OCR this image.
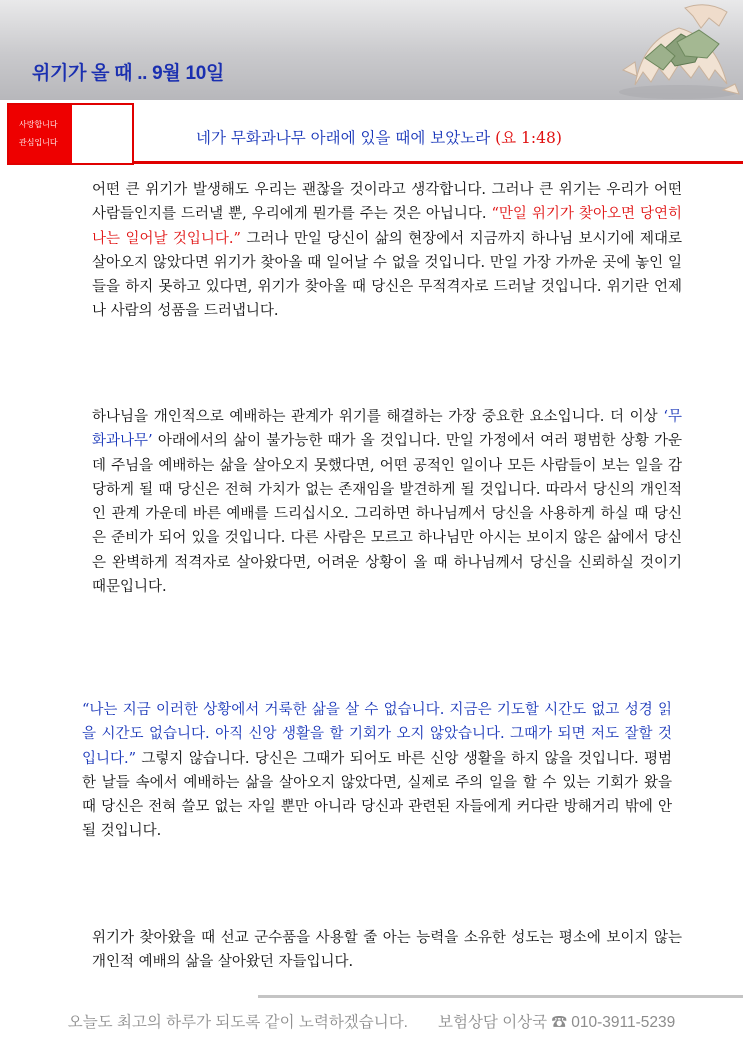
위기가 올 때 .. 9월 10일
사랑합니다
관심입니다	네가 무화과나무 아래에 있을 때에 보았노라 (요 1:48)

어떤 큰 위기가 발생해도 우리는 괜찮을 것이라고 생각합니다. 그러나 큰 위기는 우리가 어떤 사람들인지를 드러낼 뿐, 우리에게 뭔가를 주는 것은 아닙니다. “만일 위기가 찾아오면 당연히 나는 일어날 것입니다.” 그러나 만일 당신이 삶의 현장에서 지금까지 하나님 보시기에 제대로 살아오지 않았다면 위기가 찾아올 때 일어날 수 없을 것입니다. 만일 가장 가까운 곳에 놓인 일들을 하지 못하고 있다면, 위기가 찾아올 때 당신은 무적격자로 드러날 것입니다. 위기란 언제나 사람의 성품을 드러냅니다.

하나님을 개인적으로 예배하는 관계가 위기를 해결하는 가장 중요한 요소입니다. 더 이상 ‘무화과나무’ 아래에서의 삶이 불가능한 때가 올 것입니다. 만일 가정에서 여러 평범한 상황 가운데 주님을 예배하는 삶을 살아오지 못했다면, 어떤 공적인 일이나 모든 사람들이 보는 일을 감당하게 될 때 당신은 전혀 가치가 없는 존재임을 발견하게 될 것입니다. 따라서 당신의 개인적인 관계 가운데 바른 예배를 드리십시오. 그리하면 하나님께서 당신을 사용하게 하실 때 당신은 준비가 되어 있을 것입니다. 다른 사람은 모르고 하나님만 아시는 보이지 않은 삶에서 당신은 완벽하게 적격자로 살아왔다면, 어려운 상황이 올 때 하나님께서 당신을 신뢰하실 것이기 때문입니다.

“나는 지금 이러한 상황에서 거룩한 삶을 살 수 없습니다. 지금은 기도할 시간도 없고 성경 읽을 시간도 없습니다. 아직 신앙 생활을 할 기회가 오지 않았습니다. 그때가 되면 저도 잘할 것입니다.” 그렇지 않습니다. 당신은 그때가 되어도 바른 신앙 생활을 하지 않을 것입니다. 평범한 날들 속에서 예배하는 삶을 살아오지 않았다면, 실제로 주의 일을 할 수 있는 기회가 왔을 때 당신은 전혀 쓸모 없는 자일 뿐만 아니라 당신과 관련된 자들에게 커다란 방해거리 밖에 안 될 것입니다.

위기가 찾아왔을 때 선교 군수품을 사용할 줄 아는 능력을 소유한 성도는 평소에 보이지 않는 개인적 예배의 삶을 살아왔던 자들입니다.

오늘도 최고의 하루가 되도록 같이 노력하겠습니다. 보험상담 이상국 ☎ 010-3911-5239
